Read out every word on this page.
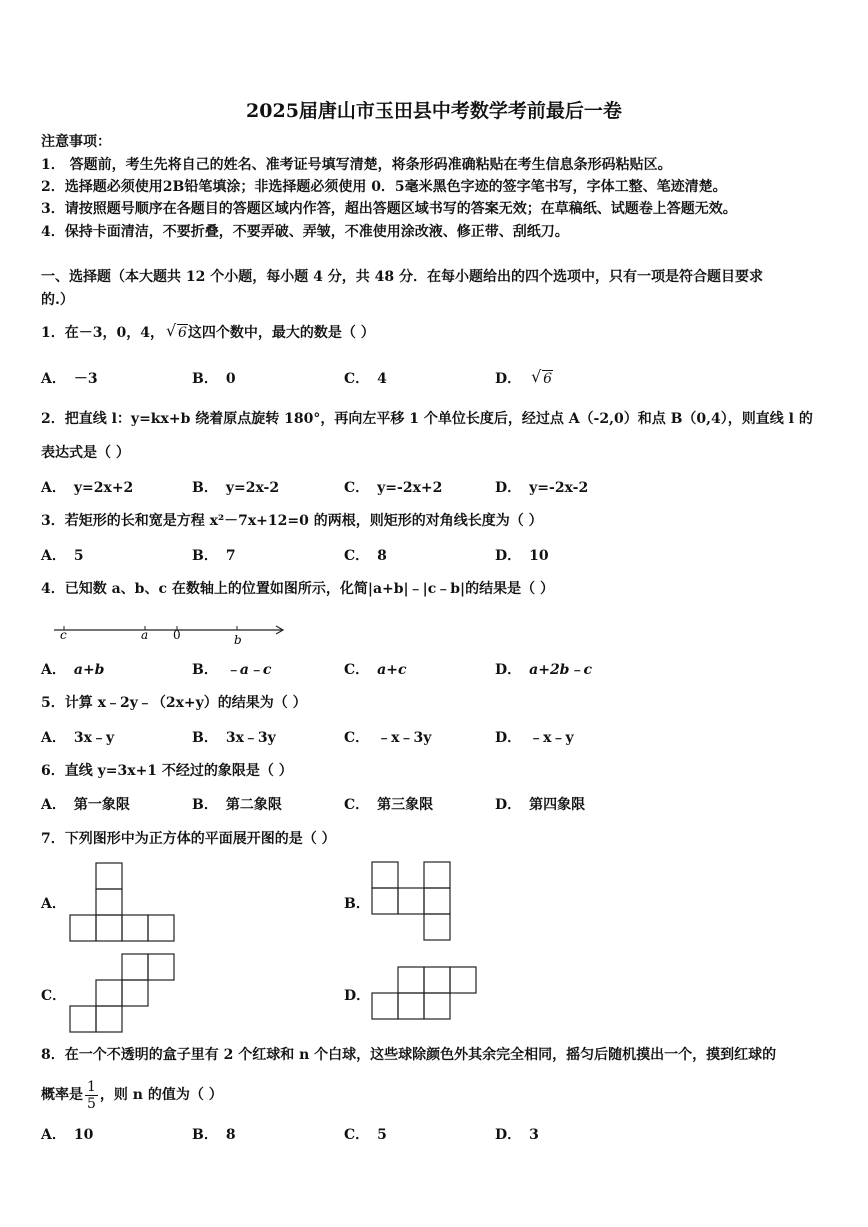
2025届唐山市玉田县中考数学考前最后一卷
注意事项：
1． 答题前，考生先将自己的姓名、准考证号填写清楚，将条形码准确粘贴在考生信息条形码粘贴区。
2．选择题必须使用2B铅笔填涂；非选择题必须使用 0．5毫米黑色字迹的签字笔书写，字体工整、笔迹清楚。
3．请按照题号顺序在各题目的答题区域内作答，超出答题区域书写的答案无效；在草稿纸、试题卷上答题无效。
4．保持卡面清洁，不要折叠，不要弄破、弄皱，不准使用涂改液、修正带、刮纸刀。
一、选择题（本大题共 12 个小题，每小题 4 分，共 48 分．在每小题给出的四个选项中，只有一项是符合题目要求
的.）
1．在－3，0，4， √ 6这四个数中，最大的数是（ ）
A． －3	B． 0	C． 4	D． √ 6
2．把直线 l：y=kx+b 绕着原点旋转 180°，再向左平移 1 个单位长度后，经过点 A（-2,0）和点 B（0,4），则直线 l 的
表达式是（ ）
A． y=2x+2	B． y=2x-2	C． y=-2x+2	D． y=-2x-2
3．若矩形的长和宽是方程 x²－7x+12=0 的两根，则矩形的对角线长度为（ ）
A． 5	B． 7	C． 8	D． 10
4．已知数 a、b、c 在数轴上的位置如图所示，化简|a+b|﹣|c﹣b|的结果是（ ）
c	a 0	b
A． a+b	B． ﹣a﹣c	C． a+c	D． a+2b﹣c
5．计算 x﹣2y﹣（2x+y）的结果为（ ）
A． 3x﹣y	B． 3x﹣3y	C． ﹣x﹣3y	D． ﹣x﹣y
6．直线 y=3x+1 不经过的象限是（ ）
A． 第一象限	B． 第二象限	C． 第三象限	D． 第四象限
7．下列图形中为正方体的平面展开图的是（ ）
A．	B．
C．	D．
8．在一个不透明的盒子里有 2 个红球和 n 个白球，这些球除颜色外其余完全相同，摇匀后随机摸出一个，摸到红球的
概率是 $\frac{1}{5}$ ，则 n 的值为（ ）
A． 10	B． 8	C． 5	D． 3
